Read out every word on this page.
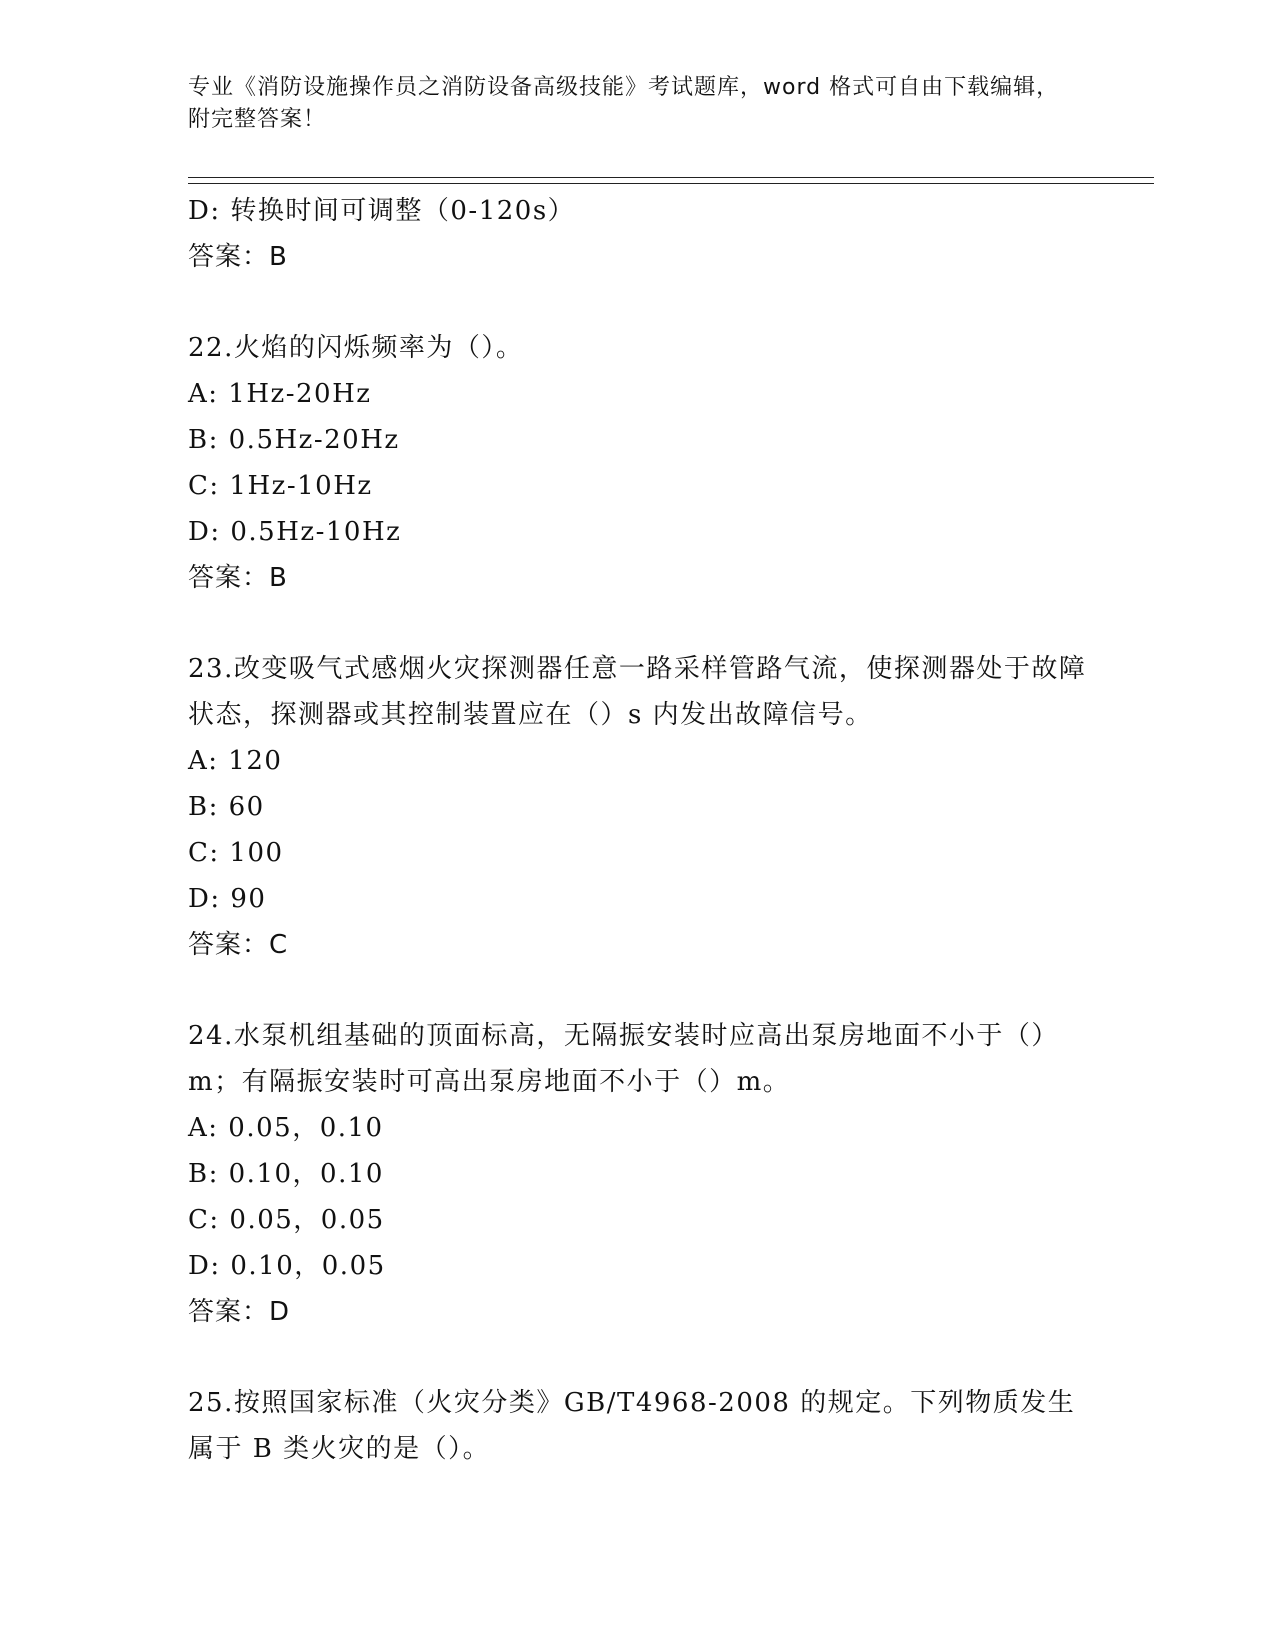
专业《消防设施操作员之消防设备高级技能》考试题库，word 格式可自由下载编辑，附完整答案！
D: 转换时间可调整（0-120s）
答案：B
22.火焰的闪烁频率为（）。
A: 1Hz-20Hz
B: 0.5Hz-20Hz
C: 1Hz-10Hz
D: 0.5Hz-10Hz
答案：B
23.改变吸气式感烟火灾探测器任意一路采样管路气流，使探测器处于故障状态，探测器或其控制装置应在（）s 内发出故障信号。
A: 120
B: 60
C: 100
D: 90
答案：C
24.水泵机组基础的顶面标高，无隔振安装时应高出泵房地面不小于（）m；有隔振安装时可高出泵房地面不小于（）m。
A: 0.05，0.10
B: 0.10，0.10
C: 0.05，0.05
D: 0.10，0.05
答案：D
25.按照国家标准（火灾分类》GB/T4968-2008 的规定。下列物质发生属于 B 类火灾的是（）。
